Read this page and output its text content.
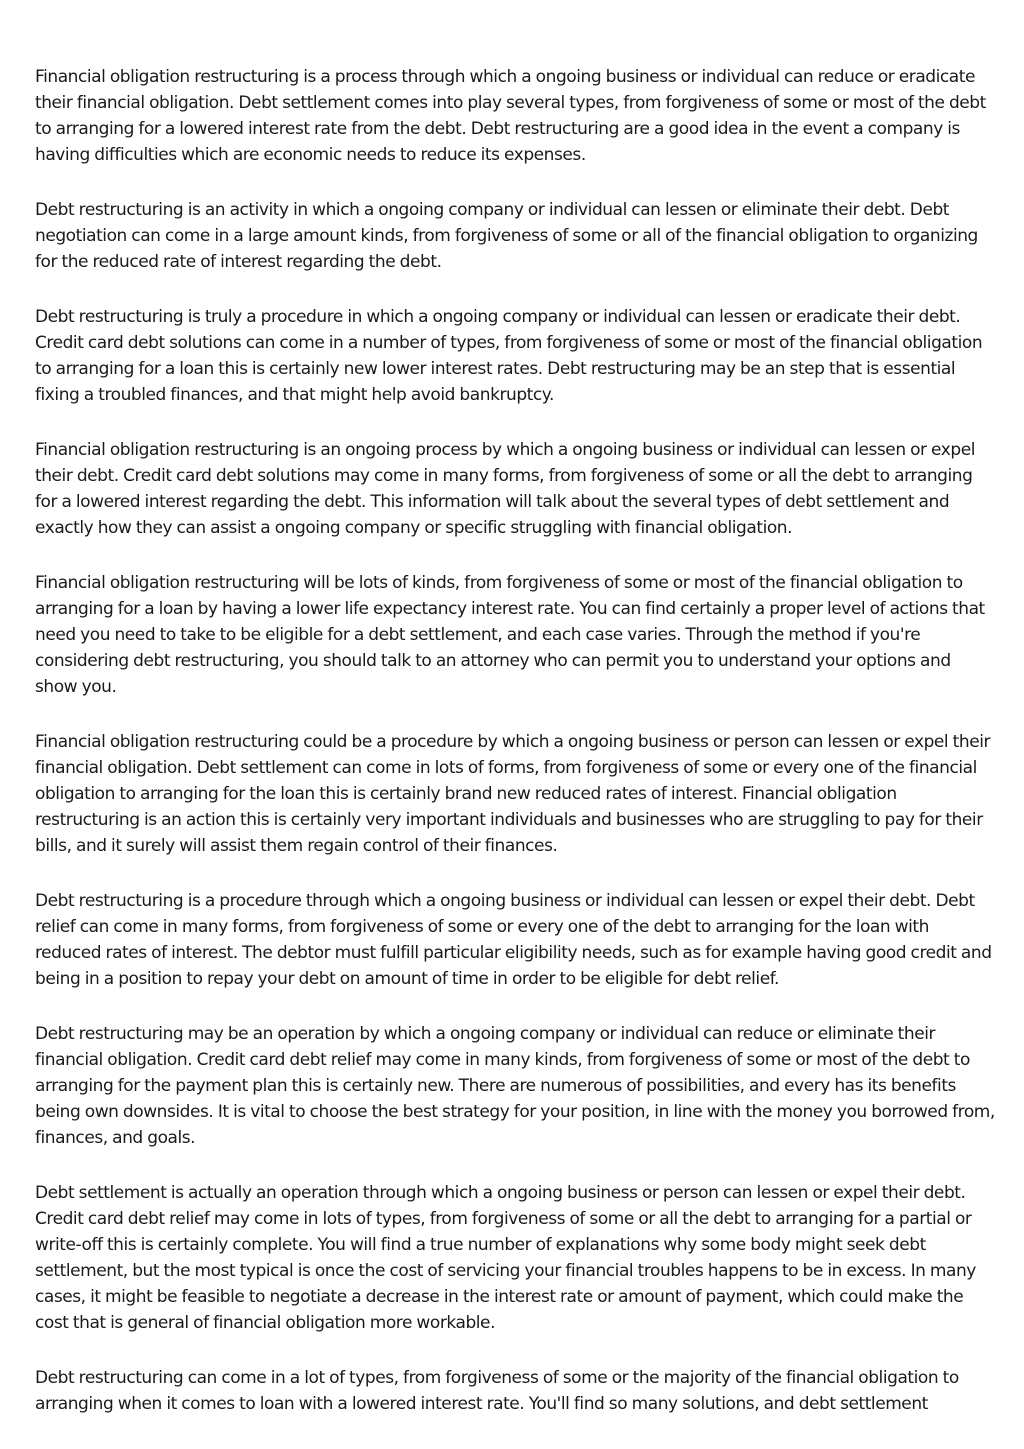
Financial obligation restructuring is a process through which a ongoing business or individual can reduce or eradicate their financial obligation. Debt settlement comes into play several types, from forgiveness of some or most of the debt to arranging for a lowered interest rate from the debt. Debt restructuring are a good idea in the event a company is having difficulties which are economic needs to reduce its expenses.

Debt restructuring is an activity in which a ongoing company or individual can lessen or eliminate their debt. Debt negotiation can come in a large amount kinds, from forgiveness of some or all of the financial obligation to organizing for the reduced rate of interest regarding the debt.

Debt restructuring is truly a procedure in which a ongoing company or individual can lessen or eradicate their debt. Credit card debt solutions can come in a number of types, from forgiveness of some or most of the financial obligation to arranging for a loan this is certainly new lower interest rates. Debt restructuring may be an step that is essential fixing a troubled finances, and that might help avoid bankruptcy.

Financial obligation restructuring is an ongoing process by which a ongoing business or individual can lessen or expel their debt. Credit card debt solutions may come in many forms, from forgiveness of some or all the debt to arranging for a lowered interest regarding the debt. This information will talk about the several types of debt settlement and exactly how they can assist a ongoing company or specific struggling with financial obligation.

Financial obligation restructuring will be lots of kinds, from forgiveness of some or most of the financial obligation to arranging for a loan by having a lower life expectancy interest rate. You can find certainly a proper level of actions that need you need to take to be eligible for a debt settlement, and each case varies. Through the method if you're considering debt restructuring, you should talk to an attorney who can permit you to understand your options and show you.

Financial obligation restructuring could be a procedure by which a ongoing business or person can lessen or expel their financial obligation. Debt settlement can come in lots of forms, from forgiveness of some or every one of the financial obligation to arranging for the loan this is certainly brand new reduced rates of interest. Financial obligation restructuring is an action this is certainly very important individuals and businesses who are struggling to pay for their bills, and it surely will assist them regain control of their finances.

Debt restructuring is a procedure through which a ongoing business or individual can lessen or expel their debt. Debt relief can come in many forms, from forgiveness of some or every one of the debt to arranging for the loan with reduced rates of interest. The debtor must fulfill particular eligibility needs, such as for example having good credit and being in a position to repay your debt on amount of time in order to be eligible for debt relief.

Debt restructuring may be an operation by which a ongoing company or individual can reduce or eliminate their financial obligation. Credit card debt relief may come in many kinds, from forgiveness of some or most of the debt to arranging for the payment plan this is certainly new. There are numerous of possibilities, and every has its benefits being own downsides. It is vital to choose the best strategy for your position, in line with the money you borrowed from, finances, and goals.

Debt settlement is actually an operation through which a ongoing business or person can lessen or expel their debt. Credit card debt relief may come in lots of types, from forgiveness of some or all the debt to arranging for a partial or write-off this is certainly complete. You will find a true number of explanations why some body might seek debt settlement, but the most typical is once the cost of servicing your financial troubles happens to be in excess. In many cases, it might be feasible to negotiate a decrease in the interest rate or amount of payment, which could make the cost that is general of financial obligation more workable.

Debt restructuring can come in a lot of types, from forgiveness of some or the majority of the financial obligation to arranging when it comes to loan with a lowered interest rate. You'll find so many solutions, and debt settlement
